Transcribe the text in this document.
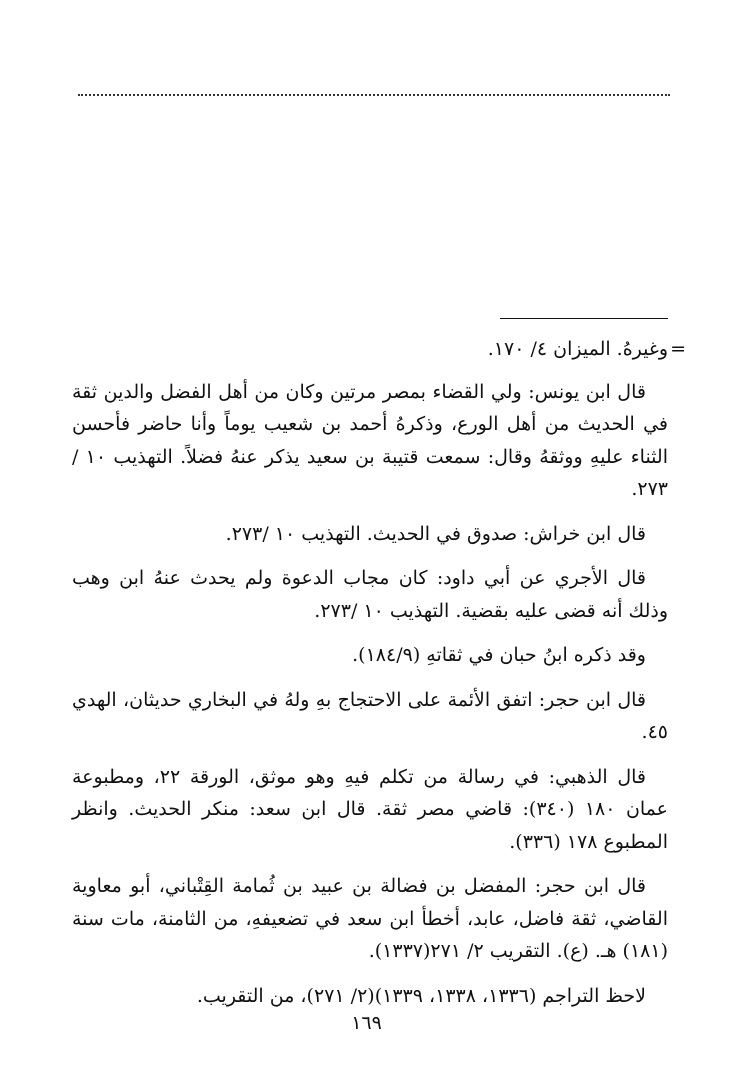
=
وغيرهُ. الميزان ٤/ ١٧٠.

قال ابن يونس: ولي القضاء بمصر مرتين وكان من أهل الفضل والدين ثقة في الحديث من أهل الورع، وذكرهُ أحمد بن شعيب يوماً وأنا حاضر فأحسن الثناء عليهِ ووثقهُ وقال: سمعت قتيبة بن سعيد يذكر عنهُ فضلاً. التهذيب ١٠ /٢٧٣.

قال ابن خراش: صدوق في الحديث. التهذيب ١٠ /٢٧٣.

قال الأجري عن أبي داود: كان مجاب الدعوة ولم يحدث عنهُ ابن وهب وذلك أنه قضى عليه بقضية. التهذيب ١٠ /٢٧٣.

وقد ذكره ابنُ حبان في ثقاتهِ (١٨٤/٩).

قال ابن حجر: اتفق الأئمة على الاحتجاج بهِ ولهُ في البخاري حديثان، الهدي ٤٥.

قال الذهبي: في رسالة من تكلم فيهِ وهو موثق، الورقة ٢٢، ومطبوعة عمان ١٨٠ (٣٤٠): قاضي مصر ثقة. قال ابن سعد: منكر الحديث. وانظر المطبوع ١٧٨ (٣٣٦).

قال ابن حجر: المفضل بن فضالة بن عبيد بن ثُمامة القِتْباني، أبو معاوية القاضي، ثقة فاضل، عابد، أخطأ ابن سعد في تضعيفهِ، من الثامنة، مات سنة (١٨١) هـ. (ع). التقريب ٢/ ٢٧١(١٣٣٧).

لاحظ التراجم (١٣٣٦، ١٣٣٨، ١٣٣٩)(٢/ ٢٧١)، من التقريب.

١٦٩
